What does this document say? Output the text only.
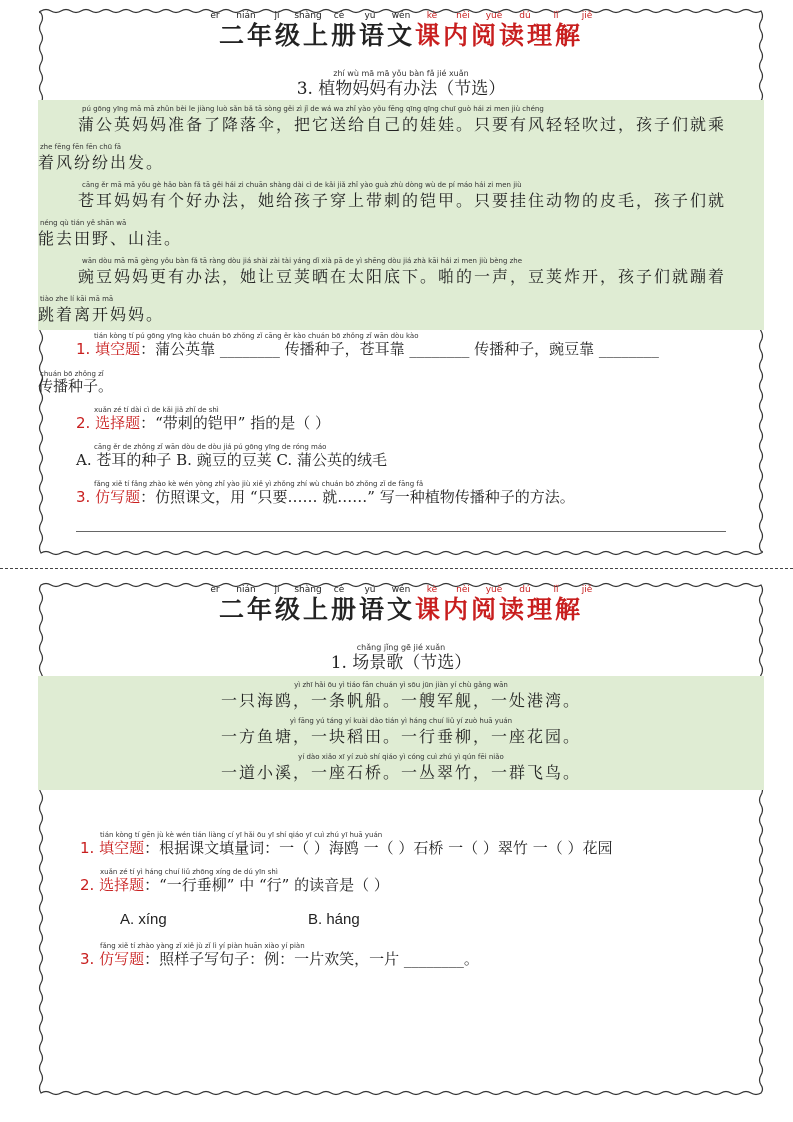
èr nián jí shàng cè yǔ wén kè nèi yuè dú	lǐ	jiě
二年级上册语文课内阅读理解
zhí wù mā mā yǒu bàn fǎ jié xuǎn
3. 植物妈妈有办法（节选）
pú gōng yīng mā mā zhǔn bèi le jiàng luò sǎn bǎ tā sòng gěi zì jǐ de wá wa zhǐ yào yǒu fēng qīng qīng chuī guò hái zi men jiù chéng
蒲公英妈妈准备了降落伞，把它送给自己的娃娃。只要有风轻轻吹过，孩子们就乘
zhe fēng fēn fēn chū fā
着风纷纷出发。
cāng ěr mā mā yǒu gè hǎo bàn fǎ tā gěi hái zi chuān shàng dài cì de kǎi jiǎ zhǐ yào guà zhù dòng wù de pí máo hái zi men jiù
苍耳妈妈有个好办法，她给孩子穿上带刺的铠甲。只要挂住动物的皮毛，孩子们就
néng qù tián yě shān wā
能去田野、山洼。
wān dòu mā mā gèng yǒu bàn fǎ tā ràng dòu jiá shài zài tài yáng dǐ xià pā de yì shēng dòu jiá zhà kāi hái zi men jiù bèng zhe
豌豆妈妈更有办法，她让豆荚晒在太阳底下。啪的一声，豆荚炸开，孩子们就蹦着
tiào zhe lí kāi mā mā
跳着离开妈妈。
tián kòng tí pú gōng yīng kào chuán bō zhǒng zǐ cāng ěr kào chuán bō zhǒng zǐ wān dòu kào
1. 填空题：蒲公英靠 ________ 传播种子，苍耳靠 ________ 传播种子，豌豆靠 ________
chuán bō zhǒng zǐ
传播种子。
xuǎn zé tí dài cì de kǎi jiǎ zhǐ de shì
2. 选择题：“带刺的铠甲” 指的是（ ）
cāng ěr de zhǒng zǐ wān dòu de dòu jiá pú gōng yīng de róng máo
A. 苍耳的种子 B. 豌豆的豆荚 C. 蒲公英的绒毛
fǎng xiě tí fǎng zhào kè wén yòng zhǐ yào jiù xiě yì zhǒng zhí wù chuán bō zhǒng zǐ de fāng fǎ
3. 仿写题：仿照课文，用 “只要…… 就……” 写一种植物传播种子的方法。
èr nián jí shàng cè yǔ wén kè nèi yuè dú	lǐ	jiě
二年级上册语文课内阅读理解
chǎng jǐng gē jié xuǎn
1. 场景歌（节选）
yì zhī hǎi ōu yì tiáo fān chuán yì sōu jūn jiàn yí chù gǎng wān
一只海鸥，一条帆船。一艘军舰，一处港湾。
yì fāng yú táng yí kuài dào tián yì háng chuí liǔ yí zuò huā yuán
一方鱼塘，一块稻田。一行垂柳，一座花园。
yí dào xiǎo xī yí zuò shí qiáo yì cóng cuì zhú yì qún fēi niǎo
一道小溪，一座石桥。一丛翠竹，一群飞鸟。
tián kòng tí gēn jù kè wén tián liàng cí yī hǎi ōu yī shí qiáo yī cuì zhú yī huā yuán
1. 填空题：根据课文填量词：一（ ）海鸥 一（ ）石桥 一（ ）翠竹 一（ ）花园
xuǎn zé tí yì háng chuí liǔ zhōng xíng de dú yīn shì
2. 选择题：“一行垂柳” 中 “行” 的读音是（ ）
A. xíng	B. háng
fǎng xiě tí zhào yàng zǐ xiě jù zǐ lì yí piàn huān xiào yí piàn
3. 仿写题：照样子写句子：例：一片欢笑，一片 ________。
